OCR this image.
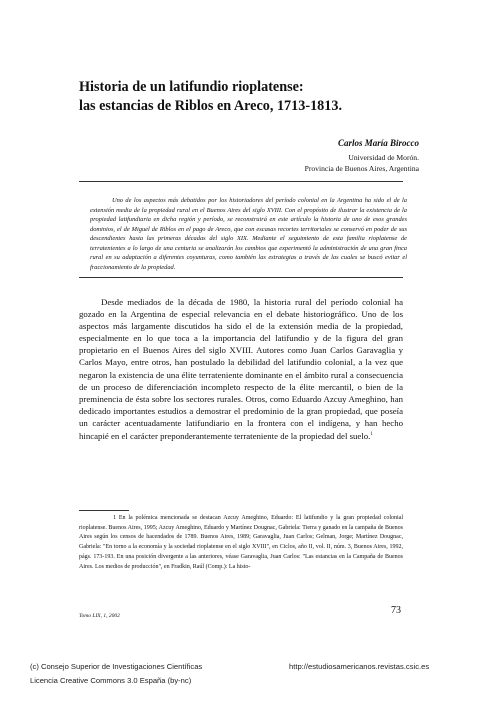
Historia de un latifundio rioplatense:
las estancias de Riblos en Areco, 1713-1813.
Carlos María Birocco
Universidad de Morón.
Provincia de Buenos Aires, Argentina
Uno de los aspectos más debatidos por los historiadores del período colonial en la Argentina ha sido el de la extensión media de la propiedad rural en el Buenos Aires del siglo XVIII. Con el propósito de ilustrar la existencia de la propiedad latifundiaria en dicha región y período, se reconstruirá en este artículo la historia de uno de esos grandes dominios, el de Miguel de Riblos en el pago de Areco, que con escasas recortes territoriales se conservó en poder de sus descendientes hasta las primeras décadas del siglo XIX. Mediante el seguimiento de esta familia rioplatense de terratenientes a lo largo de una centuria se analizarán los cambios que experimentó la administración de una gran finca rural en su adaptación a diferentes coyunturas, como también las estrategias a través de las cuales se buscó evitar el fraccionamiento de la propiedad.
Desde mediados de la década de 1980, la historia rural del período colonial ha gozado en la Argentina de especial relevancia en el debate historiográfico. Uno de los aspectos más largamente discutidos ha sido el de la extensión media de la propiedad, especialmente en lo que toca a la importancia del latifundio y de la figura del gran propietario en el Buenos Aires del siglo XVIII. Autores como Juan Carlos Garavaglia y Carlos Mayo, entre otros, han postulado la debilidad del latifundio colonial, a la vez que negaron la existencia de una élite terrateniente dominante en el ámbito rural a consecuencia de un proceso de diferenciación incompleto respecto de la élite mercantil, o bien de la preminencia de ésta sobre los sectores rurales. Otros, como Eduardo Azcuy Ameghino, han dedicado importantes estudios a demostrar el predominio de la gran propiedad, que poseía un carácter acentuadamente latifundiario en la frontera con el indígena, y han hecho hincapié en el carácter preponderantemente terrateniente de la propiedad del suelo.$^1$
1 En la polémica mencionada se destacan Azcuy Ameghino, Eduardo: El latifundio y la gran propiedad colonial rioplatense. Buenos Aires, 1995; Azcuy Ameghino, Eduardo y Martínez Dougnac, Gabriela: Tierra y ganado en la campaña de Buenos Aires según los censos de hacendados de 1789. Buenos Aires, 1989; Garavaglia, Juan Carlos; Gelman, Jorge; Martínez Dougnac, Gabriela: "En torno a la economía y la sociedad rioplatense en el siglo XVIII", en Ciclos, año II, vol. II, núm. 3, Buenos Aires, 1992, págs. 173-193. En una posición divergente a las anteriores, véase Garavaglia, Juan Carlos: "Las estancias en la Campaña de Buenos Aires. Los medios de producción", en Fradkin, Raúl (Comp.): La histo-
Tomo LIX, 1, 2002	73
(c) Consejo Superior de Investigaciones Científicas
Licencia Creative Commons 3.0 España (by-nc)
http://estudiosamericanos.revistas.csic.es
